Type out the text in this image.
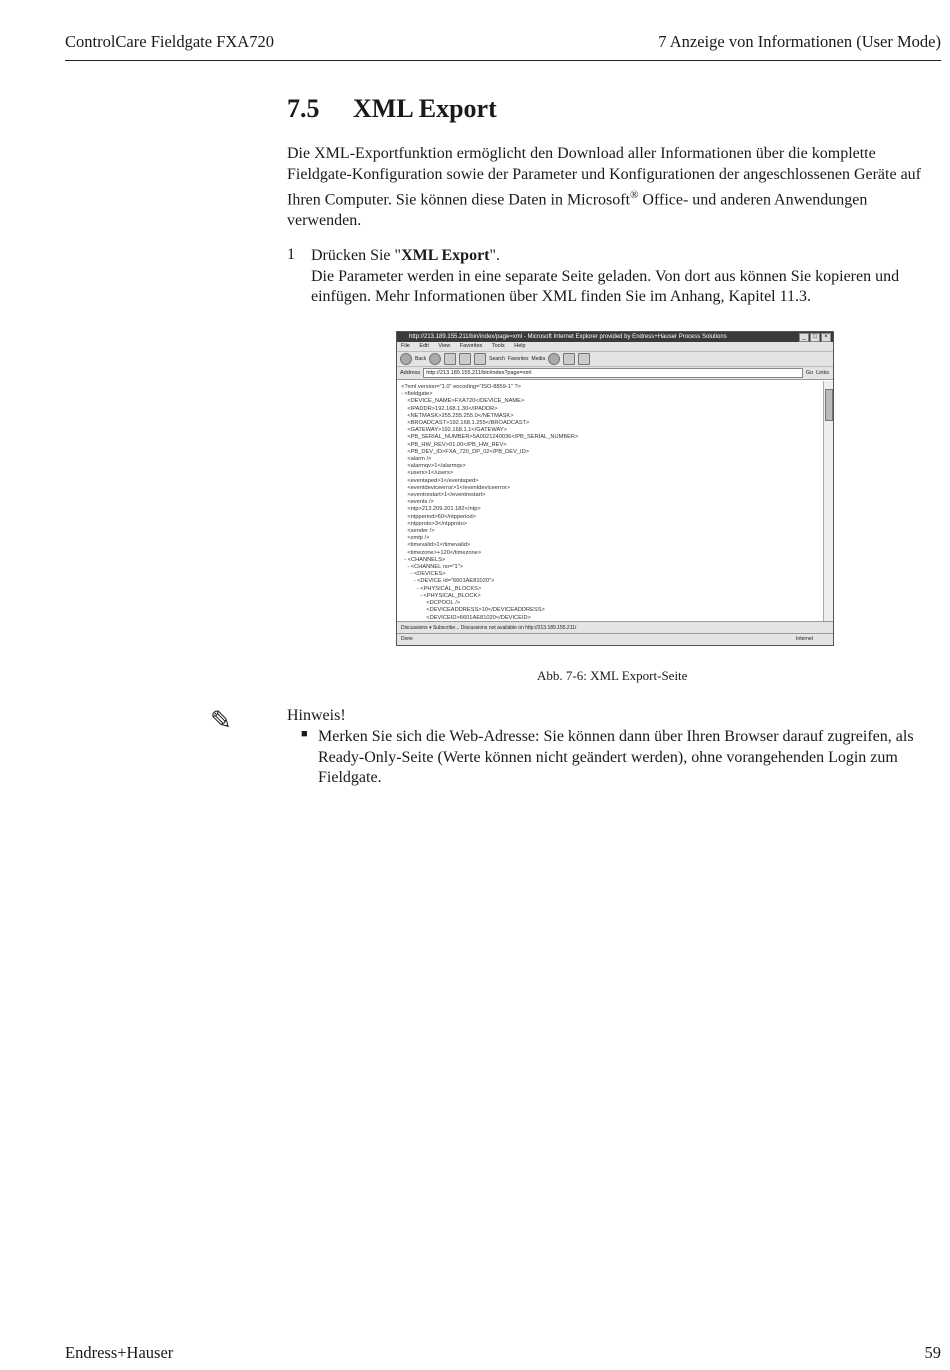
ControlCare Fieldgate FXA720	7 Anzeige von Informationen (User Mode)
7.5 XML Export
Die XML-Exportfunktion ermöglicht den Download aller Informationen über die komplette Fieldgate-Konfiguration sowie der Parameter und Konfigurationen der angeschlossenen Geräte auf Ihren Computer. Sie können diese Daten in Microsoft® Office- und anderen Anwendungen verwenden.
1 Drücken Sie "XML Export".
Die Parameter werden in eine separate Seite geladen. Von dort aus können Sie kopieren und einfügen. Mehr Informationen über XML finden Sie im Anhang, Kapitel 11.3.
http://213.189.155.211/bin/index/page=xml - Microsoft Internet Explorer provided by Endress+Hauser Process Solutions	_	□	×
File Edit View Favorites Tools Help
Back	Search Favorites Media
Address	http://213.189.155.211/bin/index?page=xml	Go Links
<?xml version="1.0" encoding="ISO-8859-1" ?>
- <fieldgate>
<DEVICE_NAME>FXA720</DEVICE_NAME>
<IPADDR>192.168.1.30</IPADDR>
<NETMASK>255.255.255.0</NETMASK>
<BROADCAST>192.168.1.255</BROADCAST>
<GATEWAY>192.168.1.1</GATEWAY>
<PB_SERIAL_NUMBER>5A0021240036</PB_SERIAL_NUMBER>
<PB_HW_REV>01.00</PB_HW_REV>
<PB_DEV_ID>FXA_720_DP_02</PB_DEV_ID>
<alarm />
<alarmqv>1</alarmqv>
<users>1</users>
<eventaped>1</eventaped>
<eventdeviceerror>1</eventdeviceerror>
<eventrestart>1</eventrestart>
<events />
<ntp>213.209.201.182</ntp>
<ntpperiod>60</ntpperiod>
<ntpproto>3</ntpproto>
<sender />
<smtp />
<timevalid>1</timevalid>
<timezone>+120</timezone>
- <CHANNELS>
- <CHANNEL no="1">
- <DEVICES>
- <DEVICE id="6601AE81020">
- <PHYSICAL_BLOCKS>
- <PHYSICAL_BLOCK>
<DCPOOL />
<DEVICEADDRESS>10</DEVICEADDRESS>
<DEVICEID>6601AE81020</DEVICEID>
Discussions ▾ Subscribe... Discussions not available on http://213.189.155.211/
Done	Internet
Abb. 7-6: XML Export-Seite
✎	Hinweis!
■ Merken Sie sich die Web-Adresse: Sie können dann über Ihren Browser darauf zugreifen, als Ready-Only-Seite (Werte können nicht geändert werden), ohne vorangehenden Login zum Fieldgate.
Endress+Hauser	59
